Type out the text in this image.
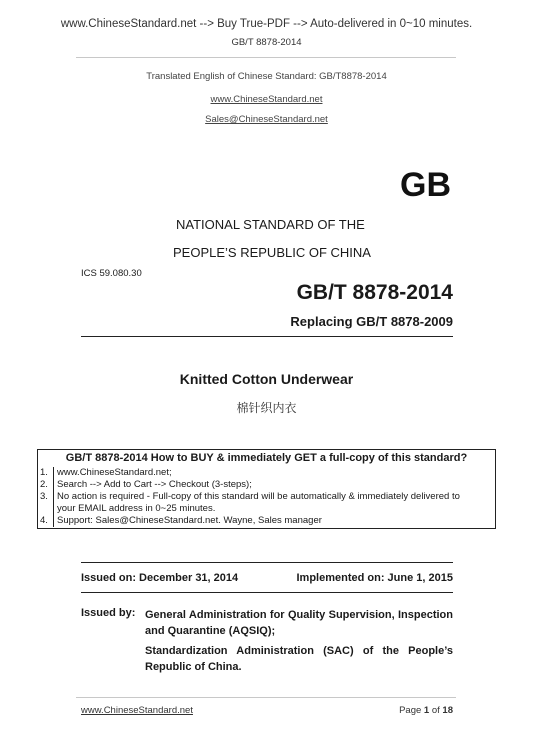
www.ChineseStandard.net --> Buy True-PDF --> Auto-delivered in 0~10 minutes.
GB/T 8878-2014
Translated English of Chinese Standard: GB/T8878-2014
www.ChineseStandard.net
Sales@ChineseStandard.net
GB
NATIONAL STANDARD OF THE
PEOPLE’S REPUBLIC OF CHINA
ICS 59.080.30
GB/T 8878-2014
Replacing GB/T 8878-2009
Knitted Cotton Underwear
棉针织内衣
GB/T 8878-2014 How to BUY & immediately GET a full-copy of this standard?
1. www.ChineseStandard.net;
2. Search --> Add to Cart --> Checkout (3-steps);
3. No action is required - Full-copy of this standard will be automatically & immediately delivered to
your EMAIL address in 0~25 minutes.
4. Support: Sales@ChineseStandard.net. Wayne, Sales manager
Issued on: December 31, 2014	Implemented on: June 1, 2015
Issued by: General Administration for Quality Supervision, Inspection and Quarantine (AQSIQ);
Standardization Administration (SAC) of the People’s Republic of China.
www.ChineseStandard.net	Page 1 of 18
